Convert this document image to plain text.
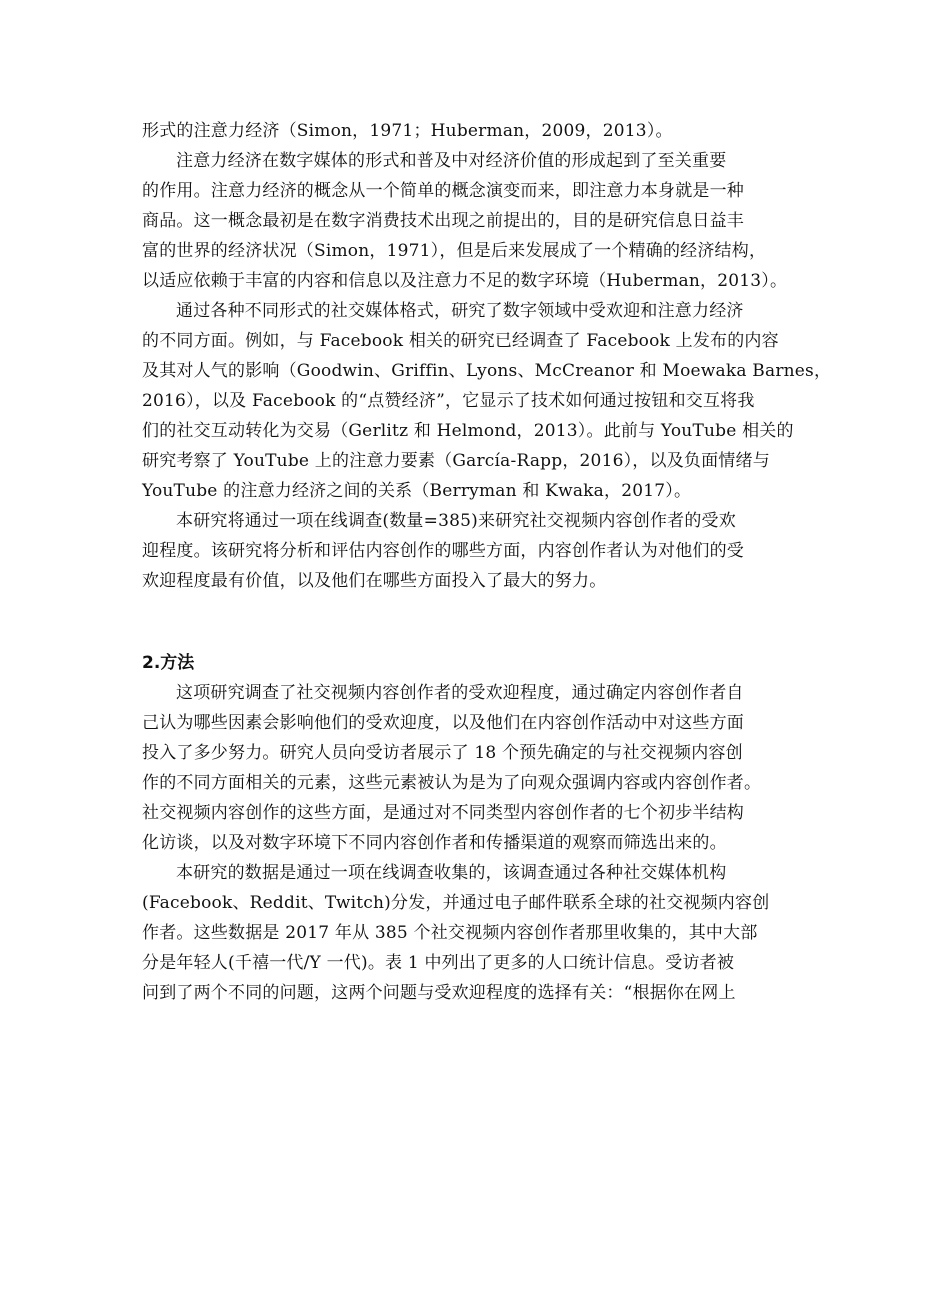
形式的注意力经济（Simon，1971；Huberman，2009，2013）。
注意力经济在数字媒体的形式和普及中对经济价值的形成起到了至关重要
的作用。注意力经济的概念从一个简单的概念演变而来，即注意力本身就是一种
商品。这一概念最初是在数字消费技术出现之前提出的，目的是研究信息日益丰
富的世界的经济状况（Simon，1971），但是后来发展成了一个精确的经济结构，
以适应依赖于丰富的内容和信息以及注意力不足的数字环境（Huberman，2013）。
通过各种不同形式的社交媒体格式，研究了数字领域中受欢迎和注意力经济
的不同方面。例如，与 Facebook 相关的研究已经调查了 Facebook 上发布的内容
及其对人气的影响（Goodwin、Griffin、Lyons、McCreanor 和 Moewaka Barnes，
2016），以及 Facebook 的“点赞经济”，它显示了技术如何通过按钮和交互将我
们的社交互动转化为交易（Gerlitz 和 Helmond，2013）。此前与 YouTube 相关的
研究考察了 YouTube 上的注意力要素（García-Rapp，2016），以及负面情绪与
YouTube 的注意力经济之间的关系（Berryman 和 Kwaka，2017）。
本研究将通过一项在线调查(数量=385)来研究社交视频内容创作者的受欢
迎程度。该研究将分析和评估内容创作的哪些方面，内容创作者认为对他们的受
欢迎程度最有价值，以及他们在哪些方面投入了最大的努力。
2.方法
这项研究调查了社交视频内容创作者的受欢迎程度，通过确定内容创作者自
己认为哪些因素会影响他们的受欢迎度，以及他们在内容创作活动中对这些方面
投入了多少努力。研究人员向受访者展示了 18 个预先确定的与社交视频内容创
作的不同方面相关的元素，这些元素被认为是为了向观众强调内容或内容创作者。
社交视频内容创作的这些方面，是通过对不同类型内容创作者的七个初步半结构
化访谈，以及对数字环境下不同内容创作者和传播渠道的观察而筛选出来的。
本研究的数据是通过一项在线调查收集的，该调查通过各种社交媒体机构
(Facebook、Reddit、Twitch)分发，并通过电子邮件联系全球的社交视频内容创
作者。这些数据是 2017 年从 385 个社交视频内容创作者那里收集的，其中大部
分是年轻人(千禧一代/Y 一代)。表 1 中列出了更多的人口统计信息。受访者被
问到了两个不同的问题，这两个问题与受欢迎程度的选择有关：“根据你在网上
